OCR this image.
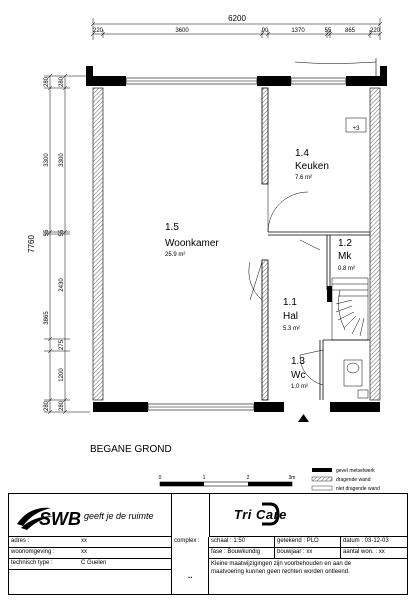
6200
220	3600	90	1370	55 865 220
7760
280
3300
55
2430
3865
275
1200
280
280
3300
55
280
+3
1.4
Keuken
7.6 m²
1.5
Woonkamer
25.9 m²
1.2
Mk
0.8 m²
1.1
Hal
5.3 m²
1.3
Wc
1.0 m²
BEGANE GROND
0	1	2	3m
gevel metselwerk
dragende wand
niet dragende wand
SWB geeft je de ruimte	Tri Care
adres :	xx
woonomgeving :	xx
technisch type :	C Guelen
complex :
..
schaal : 1:50	getekend : PLO	datum : 03-12-03
fase : Bouwkundig	bouwjaar : xx	aantal won. : xx
Kleine maatwijzigingen zijn voorbehouden en aan de
maatvoering kunnen geen rechten worden ontleend.
